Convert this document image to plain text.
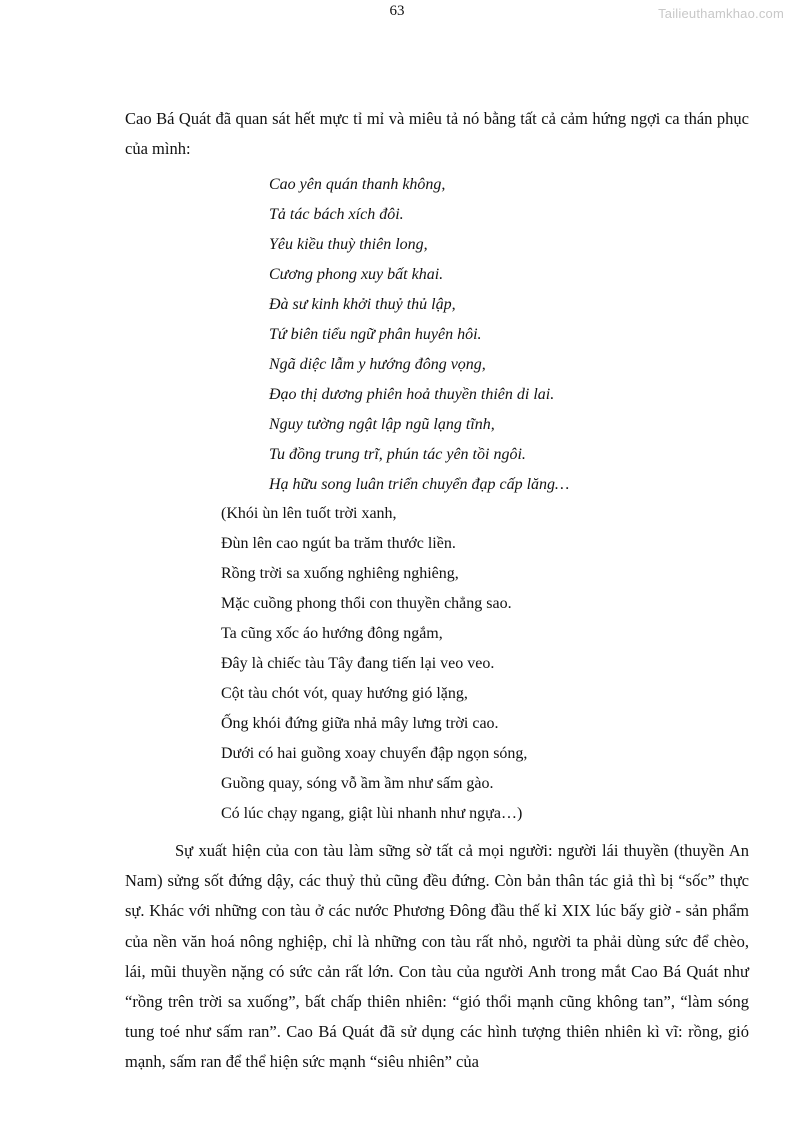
63	Tailieuthamkhao.com

Cao Bá Quát đã quan sát hết mực tỉ mỉ và miêu tả nó bằng tất cả cảm hứng ngợi ca thán phục của mình:

Cao yên quán thanh không,
Tả tác bách xích đôi.
Yêu kiều thuỳ thiên long,
Cương phong xuy bất khai.
Đà sư kinh khởi thuỷ thủ lập,
Tứ biên tiểu ngữ phân huyên hôi.
Ngã diệc lẫm y hướng đông vọng,
Đạo thị dương phiên hoả thuyền thiên di lai.
Nguy tường ngật lập ngũ lạng tĩnh,
Tu đồng trung trĩ, phún tác yên tồi ngôi.
Hạ hữu song luân triển chuyển đạp cấp lăng…
(Khói ùn lên tuốt trời xanh,
Đùn lên cao ngút ba trăm thước liền.
Rồng trời sa xuống nghiêng nghiêng,
Mặc cuồng phong thổi con thuyền chẳng sao.
Ta cũng xốc áo hướng đông ngắm,
Đây là chiếc tàu Tây đang tiến lại veo veo.
Cột tàu chót vót, quay hướng gió lặng,
Ống khói đứng giữa nhả mây lưng trời cao.
Dưới có hai guồng xoay chuyển đập ngọn sóng,
Guồng quay, sóng vỗ ầm ầm như sấm gào.
Có lúc chạy ngang, giật lùi nhanh như ngựa…)

Sự xuất hiện của con tàu làm sững sờ tất cả mọi người: người lái thuyền (thuyền An Nam) sửng sốt đứng dậy, các thuỷ thủ cũng đều đứng. Còn bản thân tác giả thì bị “sốc” thực sự. Khác với những con tàu ở các nước Phương Đông đầu thế kỉ XIX lúc bấy giờ - sản phẩm của nền văn hoá nông nghiệp, chỉ là những con tàu rất nhỏ, người ta phải dùng sức để chèo, lái, mũi thuyền nặng có sức cản rất lớn. Con tàu của người Anh trong mắt Cao Bá Quát như “rồng trên trời sa xuống”, bất chấp thiên nhiên: “gió thổi mạnh cũng không tan”, “làm sóng tung toé như sấm ran”. Cao Bá Quát đã sử dụng các hình tượng thiên nhiên kì vĩ: rồng, gió mạnh, sấm ran để thể hiện sức mạnh “siêu nhiên” của
